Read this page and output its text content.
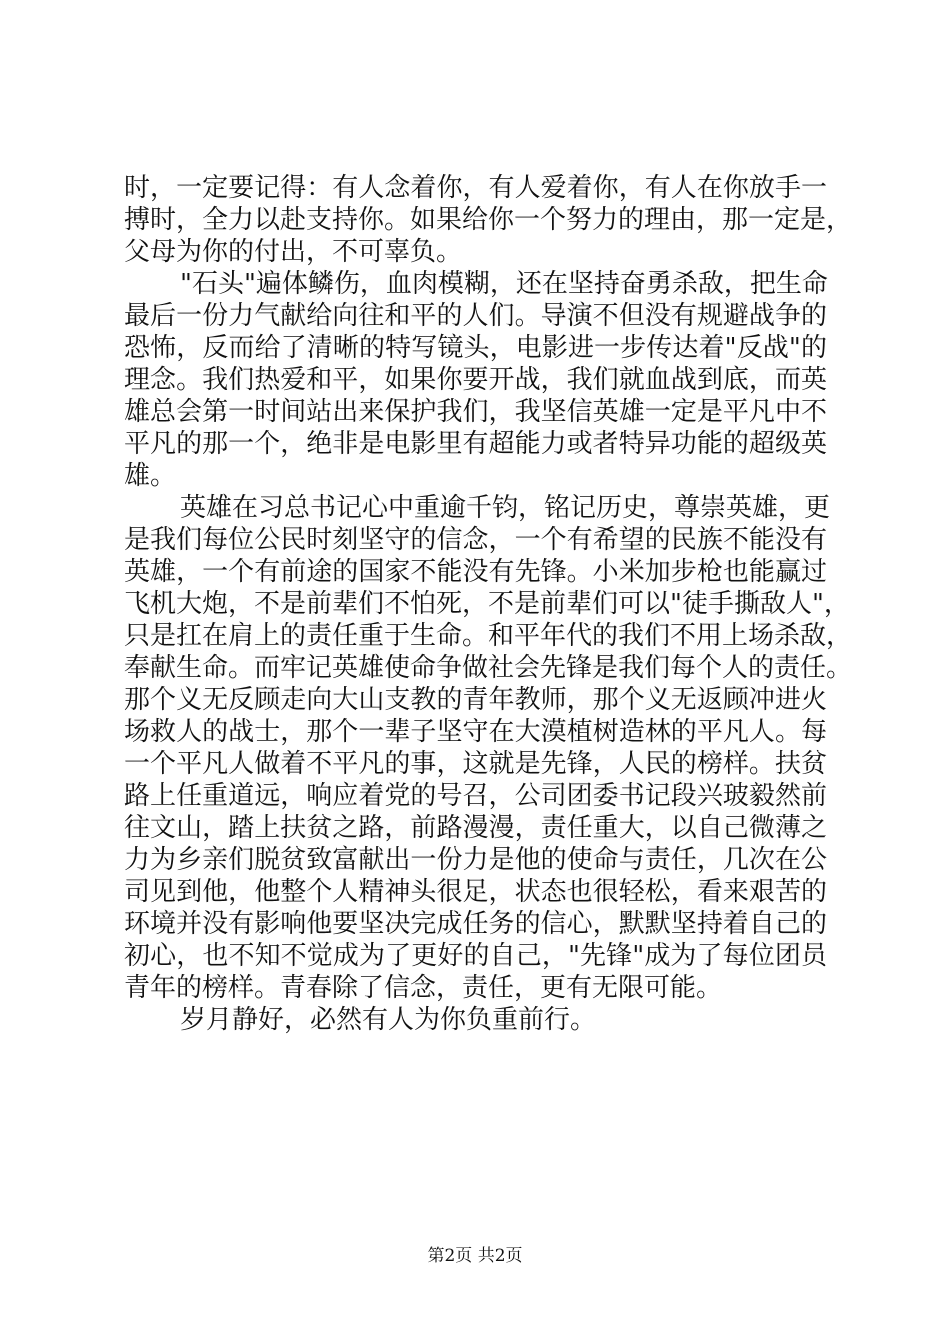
时，一定要记得：有人念着你，有人爱着你，有人在你放手一
搏时，全力以赴支持你。如果给你一个努力的理由，那一定是，
父母为你的付出，不可辜负。
"石头"遍体鳞伤，血肉模糊，还在坚持奋勇杀敌，把生命
最后一份力气献给向往和平的人们。导演不但没有规避战争的
恐怖，反而给了清晰的特写镜头，电影进一步传达着"反战"的
理念。我们热爱和平，如果你要开战，我们就血战到底，而英
雄总会第一时间站出来保护我们，我坚信英雄一定是平凡中不
平凡的那一个，绝非是电影里有超能力或者特异功能的超级英
雄。
英雄在习总书记心中重逾千钧，铭记历史，尊崇英雄，更
是我们每位公民时刻坚守的信念，一个有希望的民族不能没有
英雄，一个有前途的国家不能没有先锋。小米加步枪也能赢过
飞机大炮，不是前辈们不怕死，不是前辈们可以"徒手撕敌人"，
只是扛在肩上的责任重于生命。和平年代的我们不用上场杀敌，
奉献生命。而牢记英雄使命争做社会先锋是我们每个人的责任。
那个义无反顾走向大山支教的青年教师，那个义无返顾冲进火
场救人的战士，那个一辈子坚守在大漠植树造林的平凡人。每
一个平凡人做着不平凡的事，这就是先锋，人民的榜样。扶贫
路上任重道远，响应着党的号召，公司团委书记段兴玻毅然前
往文山，踏上扶贫之路，前路漫漫，责任重大，以自己微薄之
力为乡亲们脱贫致富献出一份力是他的使命与责任，几次在公
司见到他，他整个人精神头很足，状态也很轻松，看来艰苦的
环境并没有影响他要坚决完成任务的信心，默默坚持着自己的
初心，也不知不觉成为了更好的自己，"先锋"成为了每位团员
青年的榜样。青春除了信念，责任，更有无限可能。
岁月静好，必然有人为你负重前行。
第2页 共2页
